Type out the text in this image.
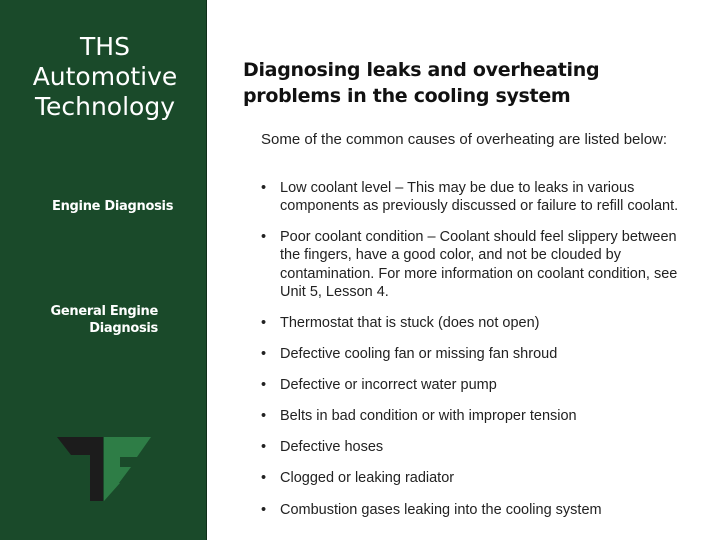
THS
Automotive
Technology
Engine Diagnosis
General Engine Diagnosis
Diagnosing leaks and overheating
problems in the cooling system
Some of the common causes of overheating are listed below:
• Low coolant level – This may be due to leaks in various components as previously discussed or failure to refill coolant.
• Poor coolant condition – Coolant should feel slippery between the fingers, have a good color, and not be clouded by contamination. For more information on coolant condition, see Unit 5, Lesson 4.
• Thermostat that is stuck (does not open)
• Defective cooling fan or missing fan shroud
• Defective or incorrect water pump
• Belts in bad condition or with improper tension
• Defective hoses
• Clogged or leaking radiator
• Combustion gases leaking into the cooling system
